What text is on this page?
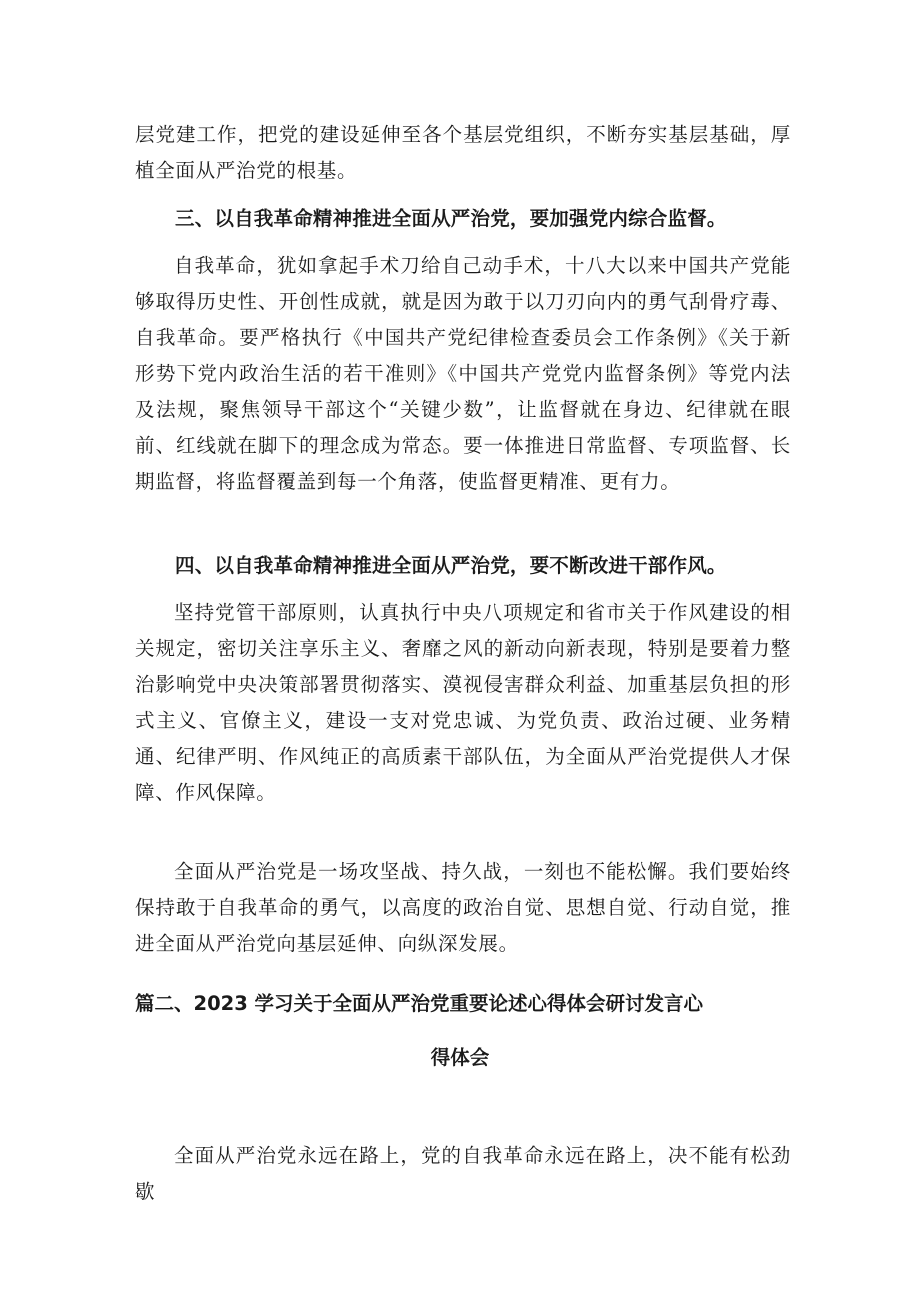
层党建工作，把党的建设延伸至各个基层党组织，不断夯实基层基础，厚植全面从严治党的根基。

三、以自我革命精神推进全面从严治党，要加强党内综合监督。

自我革命，犹如拿起手术刀给自己动手术，十八大以来中国共产党能够取得历史性、开创性成就，就是因为敢于以刀刃向内的勇气刮骨疗毒、自我革命。要严格执行《中国共产党纪律检查委员会工作条例》《关于新形势下党内政治生活的若干准则》《中国共产党党内监督条例》等党内法及法规，聚焦领导干部这个“关键少数”，让监督就在身边、纪律就在眼前、红线就在脚下的理念成为常态。要一体推进日常监督、专项监督、长期监督，将监督覆盖到每一个角落，使监督更精准、更有力。

四、以自我革命精神推进全面从严治党，要不断改进干部作风。

坚持党管干部原则，认真执行中央八项规定和省市关于作风建设的相关规定，密切关注享乐主义、奢靡之风的新动向新表现，特别是要着力整治影响党中央决策部署贯彻落实、漠视侵害群众利益、加重基层负担的形式主义、官僚主义，建设一支对党忠诚、为党负责、政治过硬、业务精通、纪律严明、作风纯正的高质素干部队伍，为全面从严治党提供人才保障、作风保障。

全面从严治党是一场攻坚战、持久战，一刻也不能松懈。我们要始终保持敢于自我革命的勇气，以高度的政治自觉、思想自觉、行动自觉，推进全面从严治党向基层延伸、向纵深发展。

篇二、2023 学习关于全面从严治党重要论述心得体会研讨发言心
得体会

全面从严治党永远在路上，党的自我革命永远在路上，决不能有松劲歇
